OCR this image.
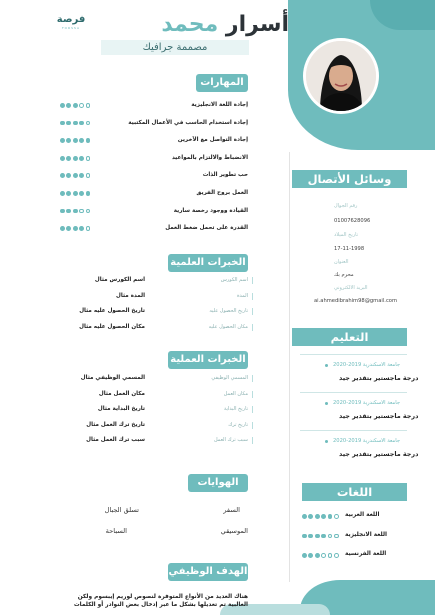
فرصة
FORSSA	أسرار محمد
مصممة جرافيك
المهارات
إجادة اللغة الانجليزية
إجادة استخدام الحاسب في الأعمال المكتبية
إجادة التواصل مع الآخرين
الانضباط والالتزام بالمواعيد
حب تطوير الذات
العمل بروح الفريق
القيادة ووجود رخصة سارية
القدرة على تحمل ضغط العمل
الخبرات العلمية
اسم الكورس
اسم الكورس مثال
المدة
المدة مثال
تاريخ الحصول عليه
تاريخ الحصول عليه مثال
مكان الحصول عليه
مكان الحصول عليه مثال
الخبرات العملية
المسمي الوظيفي
المسمي الوظيفي مثال
مكان العمل
مكان العمل مثال
تاريخ البداية
تاريخ البداية مثال
تاريخ ترك
تاريخ ترك العمل مثال
سبب ترك العمل
سبب ترك العمل مثال
الهوايات
السفر
تسلق الجبال
الموسيقي
السباحة
الهدف الوظيفي
هناك العديد من الأنواع المتوفرة لنصوص لوريم إيبسوم ولكن الغالبية تم تعديلها بشكل ما عبر إدخال بعض النوادر أو الكلمات
وسائل الأتصال
رقم الجوال
01007628096
تاريخ الميلاد
17-11-1998
العنوان
محرم بك
البريد الالكتروني
ai.ahmedibrahim98@gmail.com
التعليم
جامعة الاسكندرية 2019-2020
درجة ماجستير بتقدير جيد
جامعة الاسكندرية 2019-2020
درجة ماجستير بتقدير جيد
جامعة الاسكندرية 2019-2020
درجة ماجستير بتقدير جيد
اللغات
اللغة العربية
اللغة الانجليزية
اللغة الفرنسية
